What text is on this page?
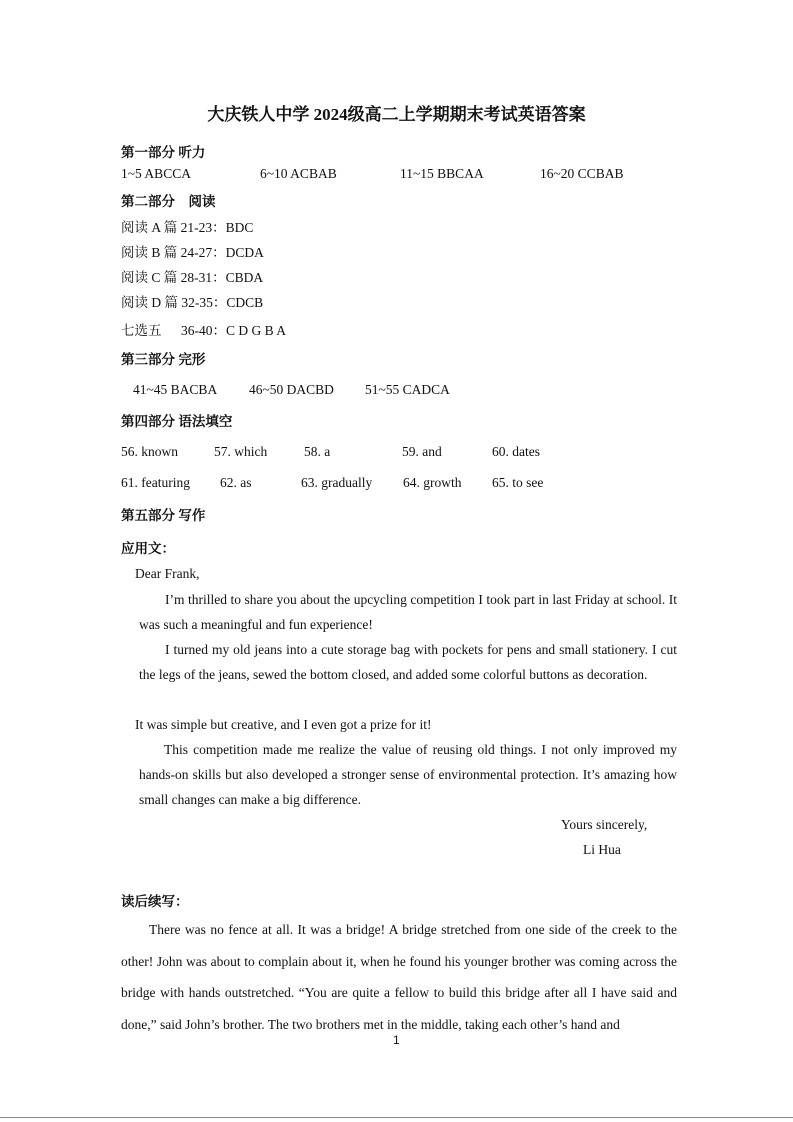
大庆铁人中学 2024级高二上学期期末考试英语答案
第一部分 听力
1~5 ABCCA	6~10 ACBAB	11~15 BBCAA	16~20 CCBAB
第二部分　阅读
阅读 A 篇 21-23：BDC
阅读 B 篇 24-27：DCDA
阅读 C 篇 28-31：CBDA
阅读 D 篇 32-35：CDCB
七选五 36-40：C D G B A
第三部分 完形
41~45 BACBA 46~50 DACBD 51~55 CADCA
第四部分 语法填空
56. known	57. which	58. a	59. and	60. dates
61. featuring 62. as	63. gradually 64. growth 65. to see
第五部分 写作
应用文：
Dear Frank,
I’m thrilled to share you about the upcycling competition I took part in last Friday at school. It was such a meaningful and fun experience!
I turned my old jeans into a cute storage bag with pockets for pens and small stationery. I cut the legs of the jeans, sewed the bottom closed, and added some colorful buttons as decoration.
It was simple but creative, and I even got a prize for it!
This competition made me realize the value of reusing old things. I not only improved my hands-on skills but also developed a stronger sense of environmental protection. It’s amazing how small changes can make a big difference.
Yours sincerely,
Li Hua
读后续写：
There was no fence at all. It was a bridge! A bridge stretched from one side of the creek to the other! John was about to complain about it, when he found his younger brother was coming across the bridge with hands outstretched. “You are quite a fellow to build this bridge after all I have said and done,” said John’s brother. The two brothers met in the middle, taking each other’s hand and
1
